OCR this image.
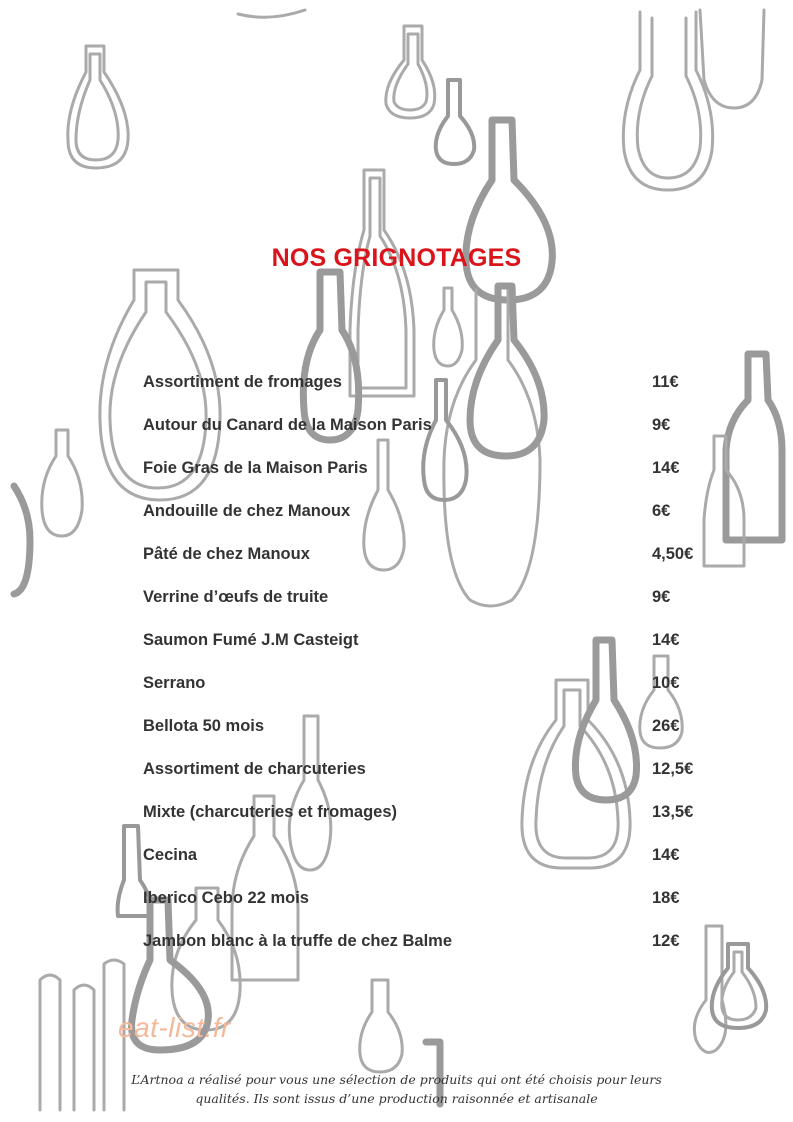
NOS GRIGNOTAGES
Assortiment de fromages	11€
Autour du Canard de la Maison Paris	9€
Foie Gras de la Maison Paris	14€
Andouille de chez Manoux	6€
Pâté de chez Manoux	4,50€
Verrine d’œufs de truite	9€
Saumon Fumé J.M Casteigt	14€
Serrano	10€
Bellota 50 mois	26€
Assortiment de charcuteries	12,5€
Mixte (charcuteries et fromages)	13,5€
Cecina	14€
Iberico Cebo 22 mois	18€
Jambon blanc à la truffe de chez Balme	12€
eat-list.fr
L’Artnoa a réalisé pour vous une sélection de produits qui ont été choisis pour leurs
qualités. Ils sont issus d’une production raisonnée et artisanale
